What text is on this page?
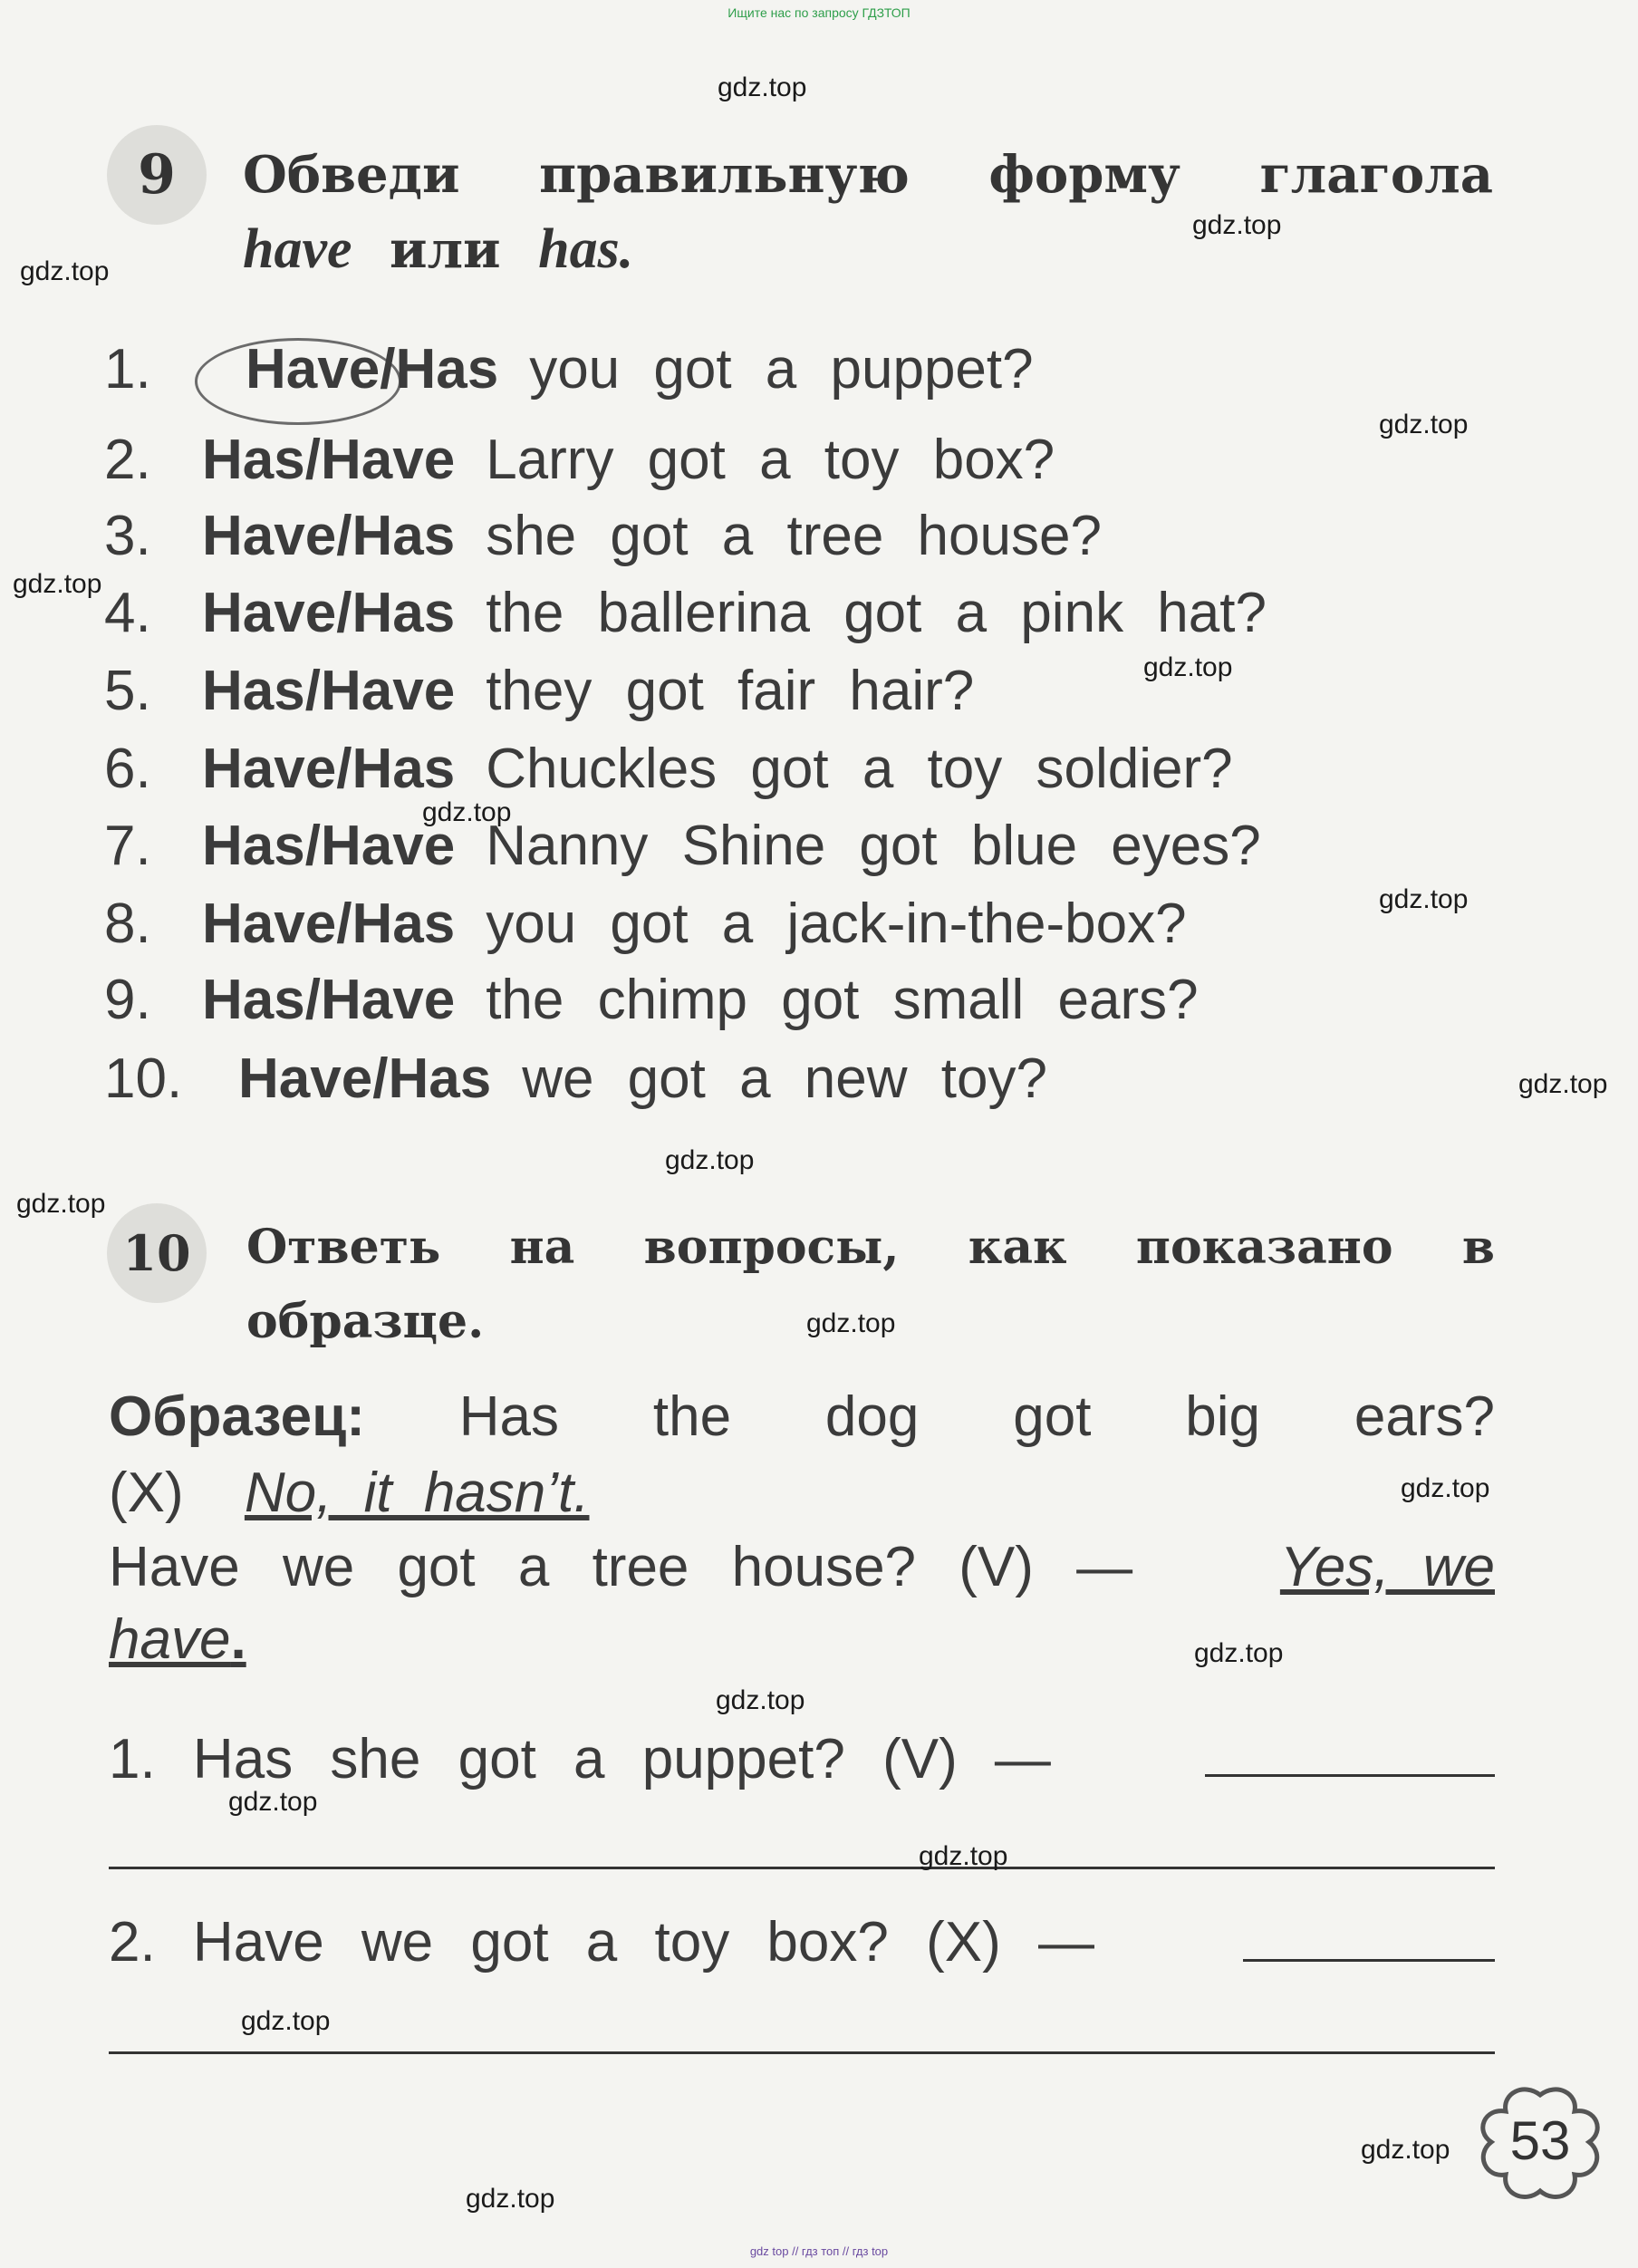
Ищите нас по запросу ГДЗТОП
9 Обведи правильную форму глагола
have или has.
1.	Have/Has you got a puppet?
2. Has/Have Larry got a toy box?
3. Have/Has she got a tree house?
4. Have/Has the ballerina got a pink hat?
5. Has/Have they got fair hair?
6. Have/Has Chuckles got a toy soldier?
7. Has/Have Nanny Shine got blue eyes?
8. Have/Has you got a jack-in-the-box?
9. Has/Have the chimp got small ears?
10. Have/Has we got a new toy?
10 Ответь на вопросы, как показано в
образце.
Образец: Has the dog got big ears?
(X) No, it hasn’t.
Have we got a tree house? (V) —	Yes, we
have.
1. Has she got a puppet? (V) —
2. Have we got a toy box? (X) —
53
gdz.top
gdz.top
gdz.top
gdz.top
gdz.top
gdz.top
gdz.top
gdz.top
gdz.top
gdz.top
gdz.top
gdz.top
gdz.top
gdz.top
gdz.top
gdz.top
gdz.top
gdz.top
gdz.top
gdz.top
gdz top // гдз топ // гдз top
